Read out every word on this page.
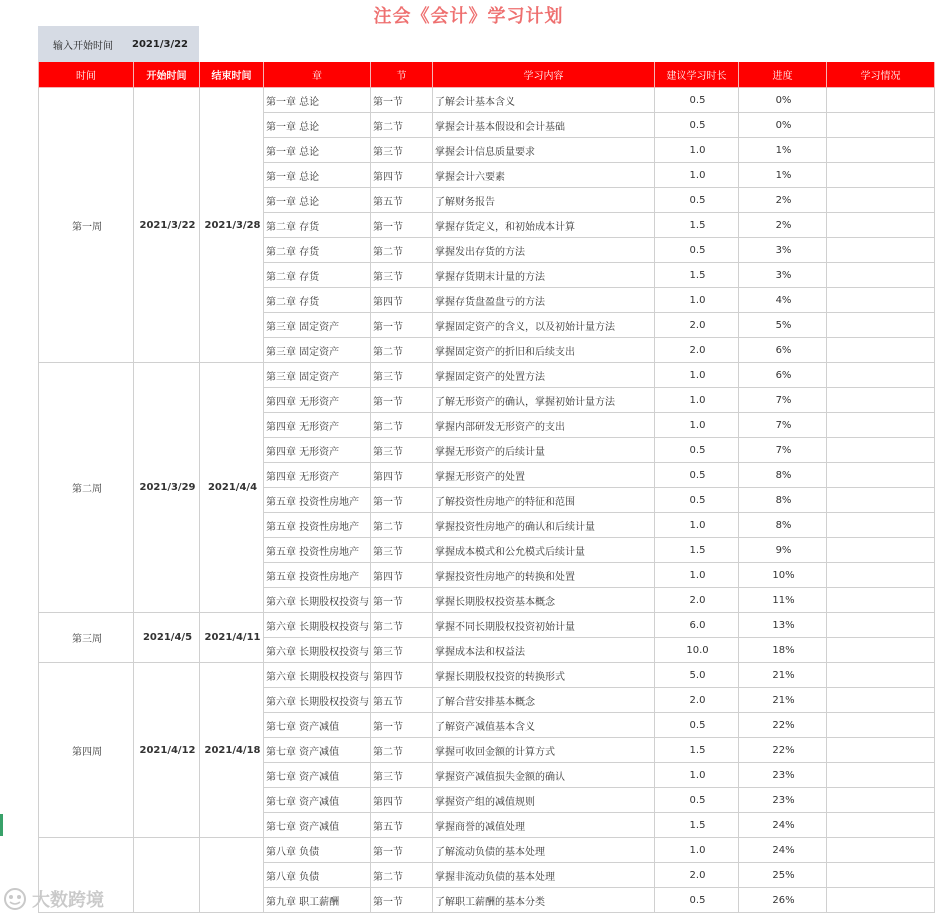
注会《会计》学习计划
输入开始时间	2021/3/22
时间	开始时间	结束时间	章	节	学习内容	建议学习时长	进度	学习情况
第一周	2021/3/22	2021/3/28	第一章 总论	第一节	了解会计基本含义	0.5	0%	
			第一章 总论	第二节	掌握会计基本假设和会计基础	0.5	0%	
			第一章 总论	第三节	掌握会计信息质量要求	1.0	1%	
			第一章 总论	第四节	掌握会计六要素	1.0	1%	
			第一章 总论	第五节	了解财务报告	0.5	2%	
			第二章 存货	第一节	掌握存货定义，和初始成本计算	1.5	2%	
			第二章 存货	第二节	掌握发出存货的方法	0.5	3%	
			第二章 存货	第三节	掌握存货期末计量的方法	1.5	3%	
			第二章 存货	第四节	掌握存货盘盈盘亏的方法	1.0	4%	
			第三章 固定资产	第一节	掌握固定资产的含义，以及初始计量方法	2.0	5%	
			第三章 固定资产	第二节	掌握固定资产的折旧和后续支出	2.0	6%	
第二周	2021/3/29	2021/4/4	第三章 固定资产	第三节	掌握固定资产的处置方法	1.0	6%	
			第四章 无形资产	第一节	了解无形资产的确认，掌握初始计量方法	1.0	7%	
			第四章 无形资产	第二节	掌握内部研发无形资产的支出	1.0	7%	
			第四章 无形资产	第三节	掌握无形资产的后续计量	0.5	7%	
			第四章 无形资产	第四节	掌握无形资产的处置	0.5	8%	
			第五章 投资性房地产	第一节	了解投资性房地产的特征和范围	0.5	8%	
			第五章 投资性房地产	第二节	掌握投资性房地产的确认和后续计量	1.0	8%	
			第五章 投资性房地产	第三节	掌握成本模式和公允模式后续计量	1.5	9%	
			第五章 投资性房地产	第四节	掌握投资性房地产的转换和处置	1.0	10%	
			第六章 长期股权投资与	第一节	掌握长期股权投资基本概念	2.0	11%	
第三周	2021/4/5	2021/4/11	第六章 长期股权投资与	第二节	掌握不同长期股权投资初始计量	6.0	13%	
			第六章 长期股权投资与	第三节	掌握成本法和权益法	10.0	18%	
第四周	2021/4/12	2021/4/18	第六章 长期股权投资与	第四节	掌握长期股权投资的转换形式	5.0	21%	
			第六章 长期股权投资与	第五节	了解合营安排基本概念	2.0	21%	
			第七章 资产减值	第一节	了解资产减值基本含义	0.5	22%	
			第七章 资产减值	第二节	掌握可收回金额的计算方式	1.5	22%	
			第七章 资产减值	第三节	掌握资产减值损失金额的确认	1.0	23%	
			第七章 资产减值	第四节	掌握资产组的减值规则	0.5	23%	
			第七章 资产减值	第五节	掌握商誉的减值处理	1.5	24%	
			第八章 负债	第一节	了解流动负债的基本处理	1.0	24%	
			第八章 负债	第二节	掌握非流动负债的基本处理	2.0	25%	
			第九章 职工薪酬	第一节	了解职工薪酬的基本分类	0.5	26%	
大数跨境
